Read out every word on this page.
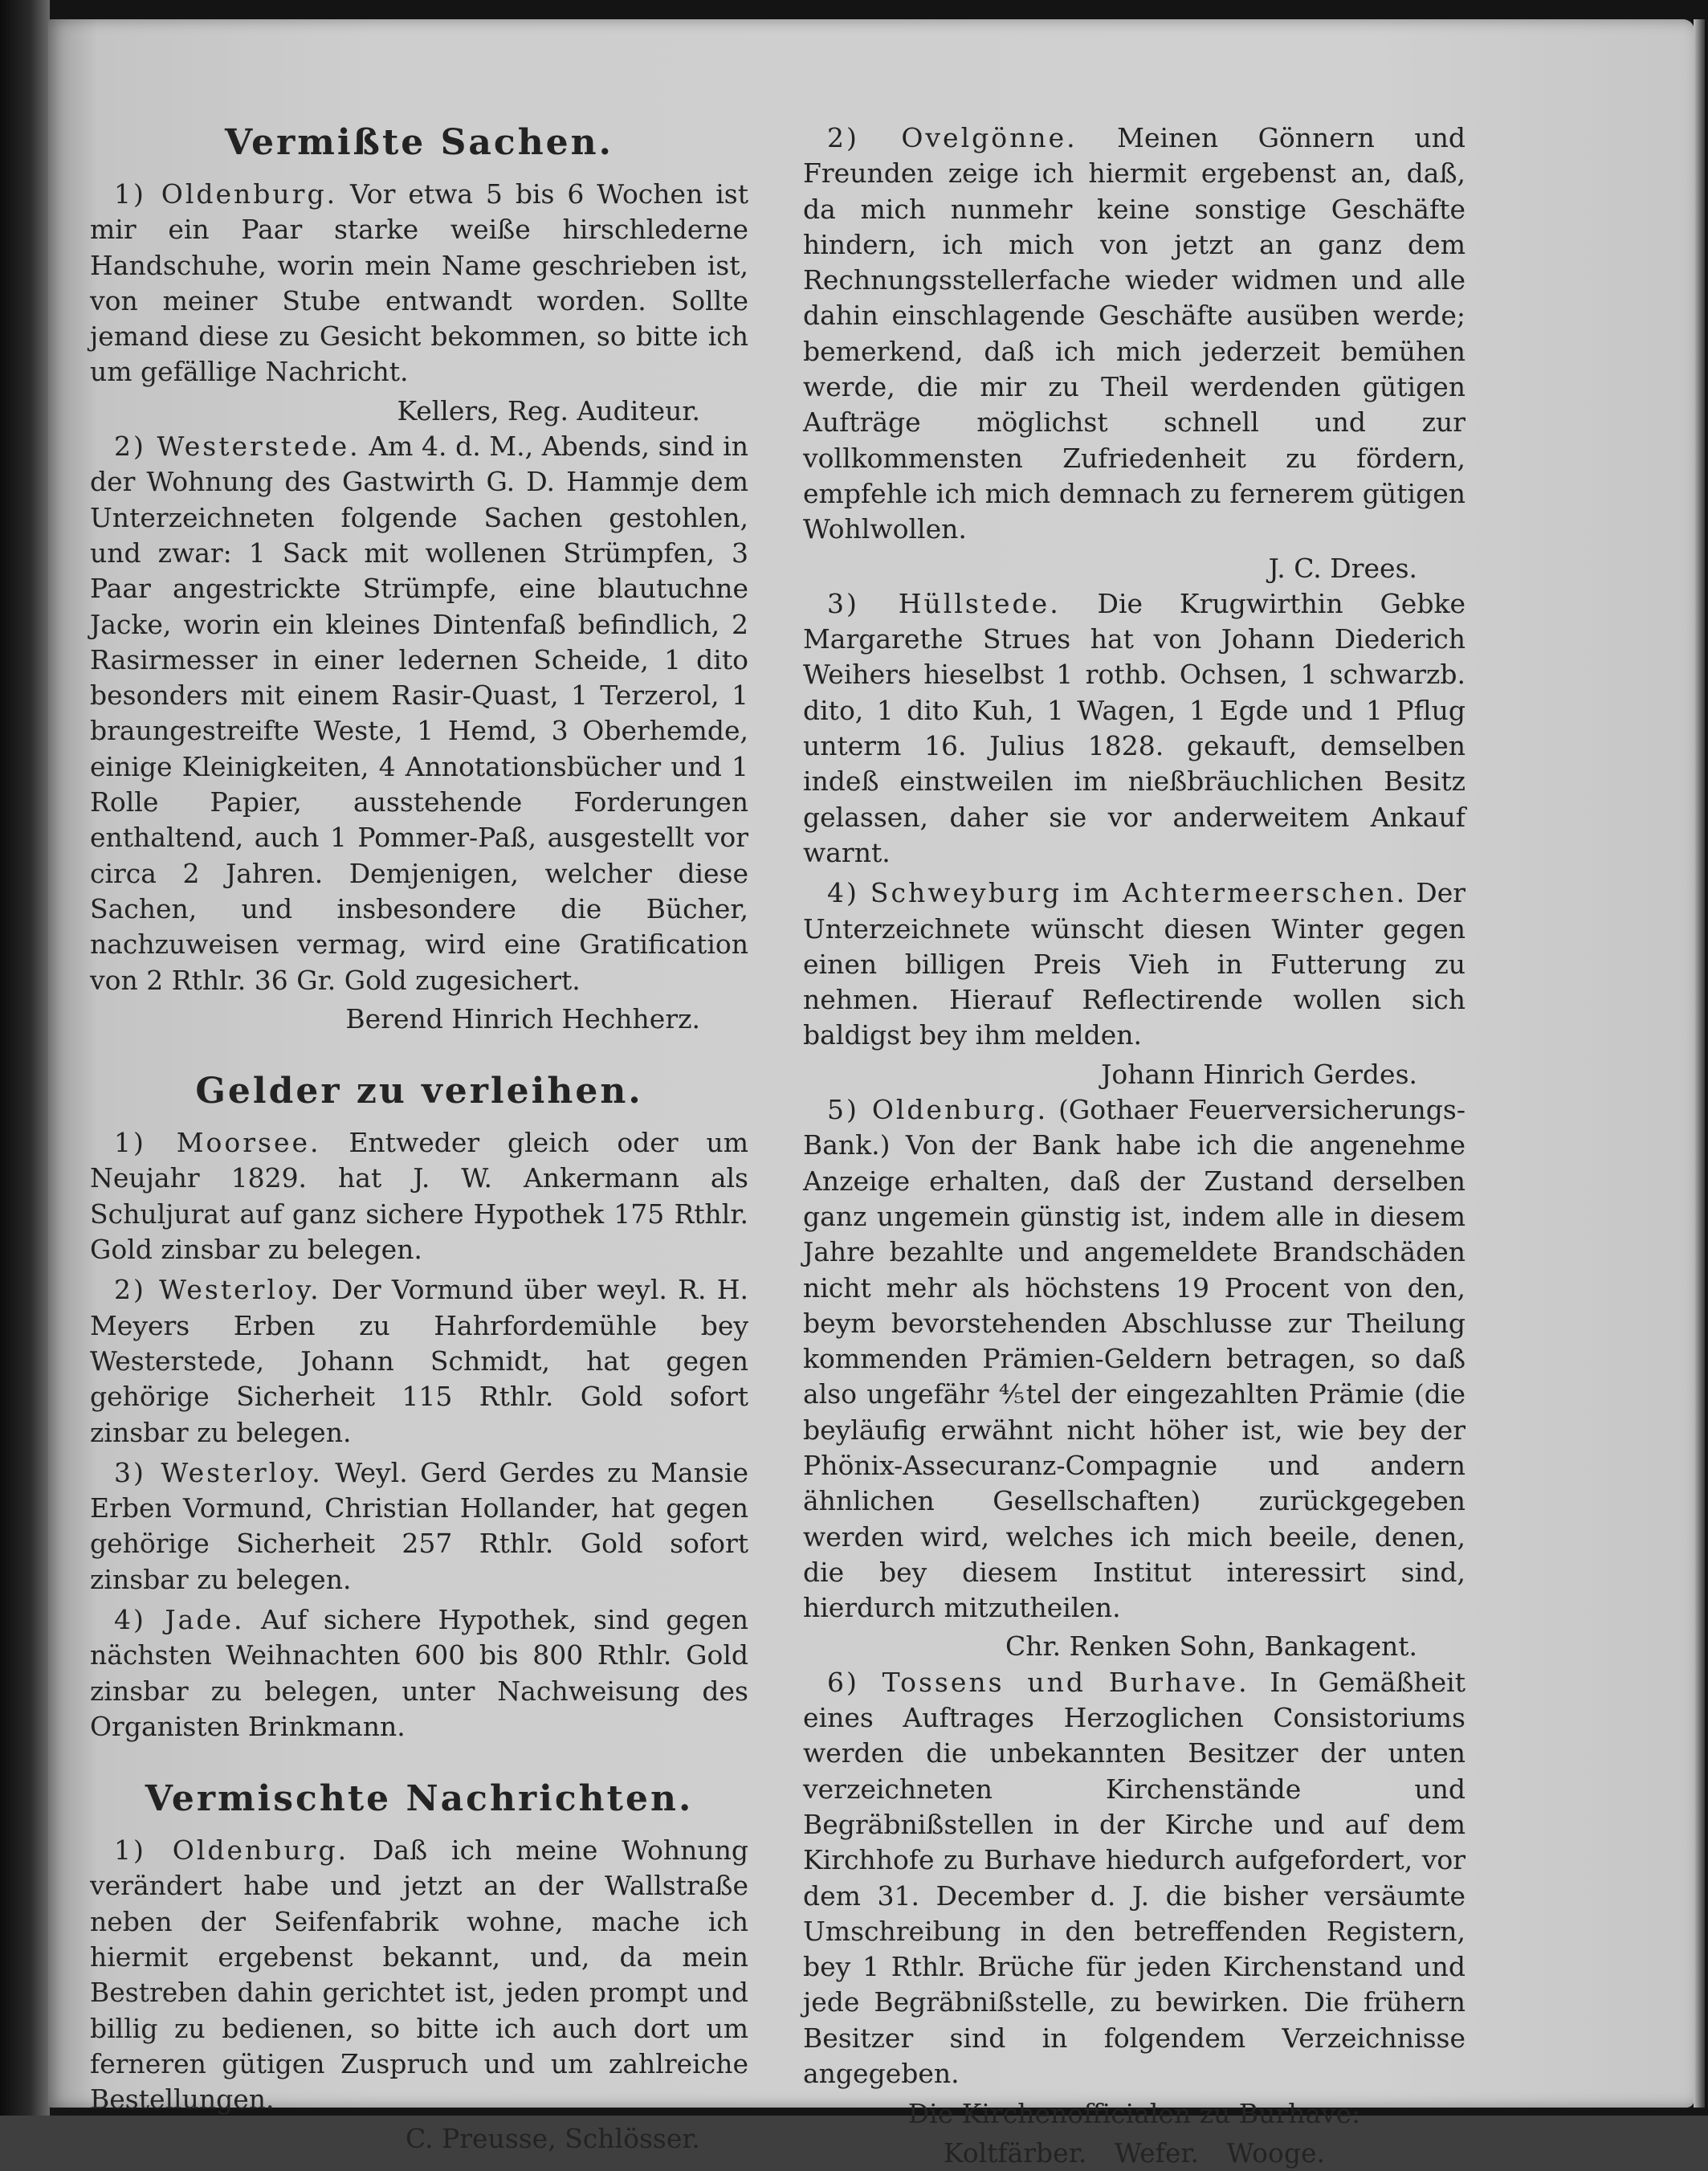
Vermißte Sachen.

1) Oldenburg. Vor etwa 5 bis 6 Wochen ist mir ein Paar starke weiße hirschlederne Handschuhe, worin mein Name geschrieben ist, von meiner Stube entwandt worden. Sollte jemand diese zu Gesicht bekommen, so bitte ich um gefällige Nachricht.

Kellers, Reg. Auditeur.

2) Westerstede. Am 4. d. M., Abends, sind in der Wohnung des Gastwirth G. D. Hammje dem Unterzeichneten folgende Sachen gestohlen, und zwar: 1 Sack mit wollenen Strümpfen, 3 Paar angestrickte Strümpfe, eine blautuchne Jacke, worin ein kleines Dintenfaß befindlich, 2 Rasirmesser in einer ledernen Scheide, 1 dito besonders mit einem Rasir-Quast, 1 Terzerol, 1 braungestreifte Weste, 1 Hemd, 3 Oberhemde, einige Kleinigkeiten, 4 Annotationsbücher und 1 Rolle Papier, ausstehende Forderungen enthaltend, auch 1 Pommer-Paß, ausgestellt vor circa 2 Jahren. Demjenigen, welcher diese Sachen, und insbesondere die Bücher, nachzuweisen vermag, wird eine Gratification von 2 Rthlr. 36 Gr. Gold zugesichert.

Berend Hinrich Hechherz.
Gelder zu verleihen.

1) Moorsee. Entweder gleich oder um Neujahr 1829. hat J. W. Ankermann als Schuljurat auf ganz sichere Hypothek 175 Rthlr. Gold zinsbar zu belegen.

2) Westerloy. Der Vormund über weyl. R. H. Meyers Erben zu Hahrfordemühle bey Westerstede, Johann Schmidt, hat gegen gehörige Sicherheit 115 Rthlr. Gold sofort zinsbar zu belegen.

3) Westerloy. Weyl. Gerd Gerdes zu Mansie Erben Vormund, Christian Hollander, hat gegen gehörige Sicherheit 257 Rthlr. Gold sofort zinsbar zu belegen.

4) Jade. Auf sichere Hypothek, sind gegen nächsten Weihnachten 600 bis 800 Rthlr. Gold zinsbar zu belegen, unter Nachweisung des Organisten Brinkmann.

Vermischte Nachrichten.

1) Oldenburg. Daß ich meine Wohnung verändert habe und jetzt an der Wallstraße neben der Seifenfabrik wohne, mache ich hiermit ergebenst bekannt, und, da mein Bestreben dahin gerichtet ist, jeden prompt und billig zu bedienen, so bitte ich auch dort um ferneren gütigen Zuspruch und um zahlreiche Bestellungen.

C. Preusse, Schlösser.

2) Ovelgönne. Meinen Gönnern und Freunden zeige ich hiermit ergebenst an, daß, da mich nunmehr keine sonstige Geschäfte hindern, ich mich von jetzt an ganz dem Rechnungsstellerfache wieder widmen und alle dahin einschlagende Geschäfte ausüben werde; bemerkend, daß ich mich jederzeit bemühen werde, die mir zu Theil werdenden gütigen Aufträge möglichst schnell und zur vollkommensten Zufriedenheit zu fördern, empfehle ich mich demnach zu fernerem gütigen Wohlwollen.

J. C. Drees.

3) Hüllstede. Die Krugwirthin Gebke Margarethe Strues hat von Johann Diederich Weihers hieselbst 1 rothb. Ochsen, 1 schwarzb. dito, 1 dito Kuh, 1 Wagen, 1 Egde und 1 Pflug unterm 16. Julius 1828. gekauft, demselben indeß einstweilen im nießbräuchlichen Besitz gelassen, daher sie vor anderweitem Ankauf warnt.

4) Schweyburg im Achtermeerschen. Der Unterzeichnete wünscht diesen Winter gegen einen billigen Preis Vieh in Futterung zu nehmen. Hierauf Reflectirende wollen sich baldigst bey ihm melden.

Johann Hinrich Gerdes.

5) Oldenburg. (Gothaer Feuerversicherungs-Bank.) Von der Bank habe ich die angenehme Anzeige erhalten, daß der Zustand derselben ganz ungemein günstig ist, indem alle in diesem Jahre bezahlte und angemeldete Brandschäden nicht mehr als höchstens 19 Procent von den, beym bevorstehenden Abschlusse zur Theilung kommenden Prämien-Geldern betragen, so daß also ungefähr ⅘tel der eingezahlten Prämie (die beyläufig erwähnt nicht höher ist, wie bey der Phönix-Assecuranz-Compagnie und andern ähnlichen Gesellschaften) zurückgegeben werden wird, welches ich mich beeile, denen, die bey diesem Institut interessirt sind, hierdurch mitzutheilen.

Chr. Renken Sohn, Bankagent.

6) Tossens und Burhave. In Gemäßheit eines Auftrages Herzoglichen Consistoriums werden die unbekannten Besitzer der unten verzeichneten Kirchenstände und Begräbnißstellen in der Kirche und auf dem Kirchhofe zu Burhave hiedurch aufgefordert, vor dem 31. December d. J. die bisher versäumte Umschreibung in den betreffenden Registern, bey 1 Rthlr. Brüche für jeden Kirchenstand und jede Begräbnißstelle, zu bewirken. Die frühern Besitzer sind in folgendem Verzeichnisse angegeben.

Die Kirchenofficialen zu Burhave:
Koltfärber. Wefer. Wooge.
